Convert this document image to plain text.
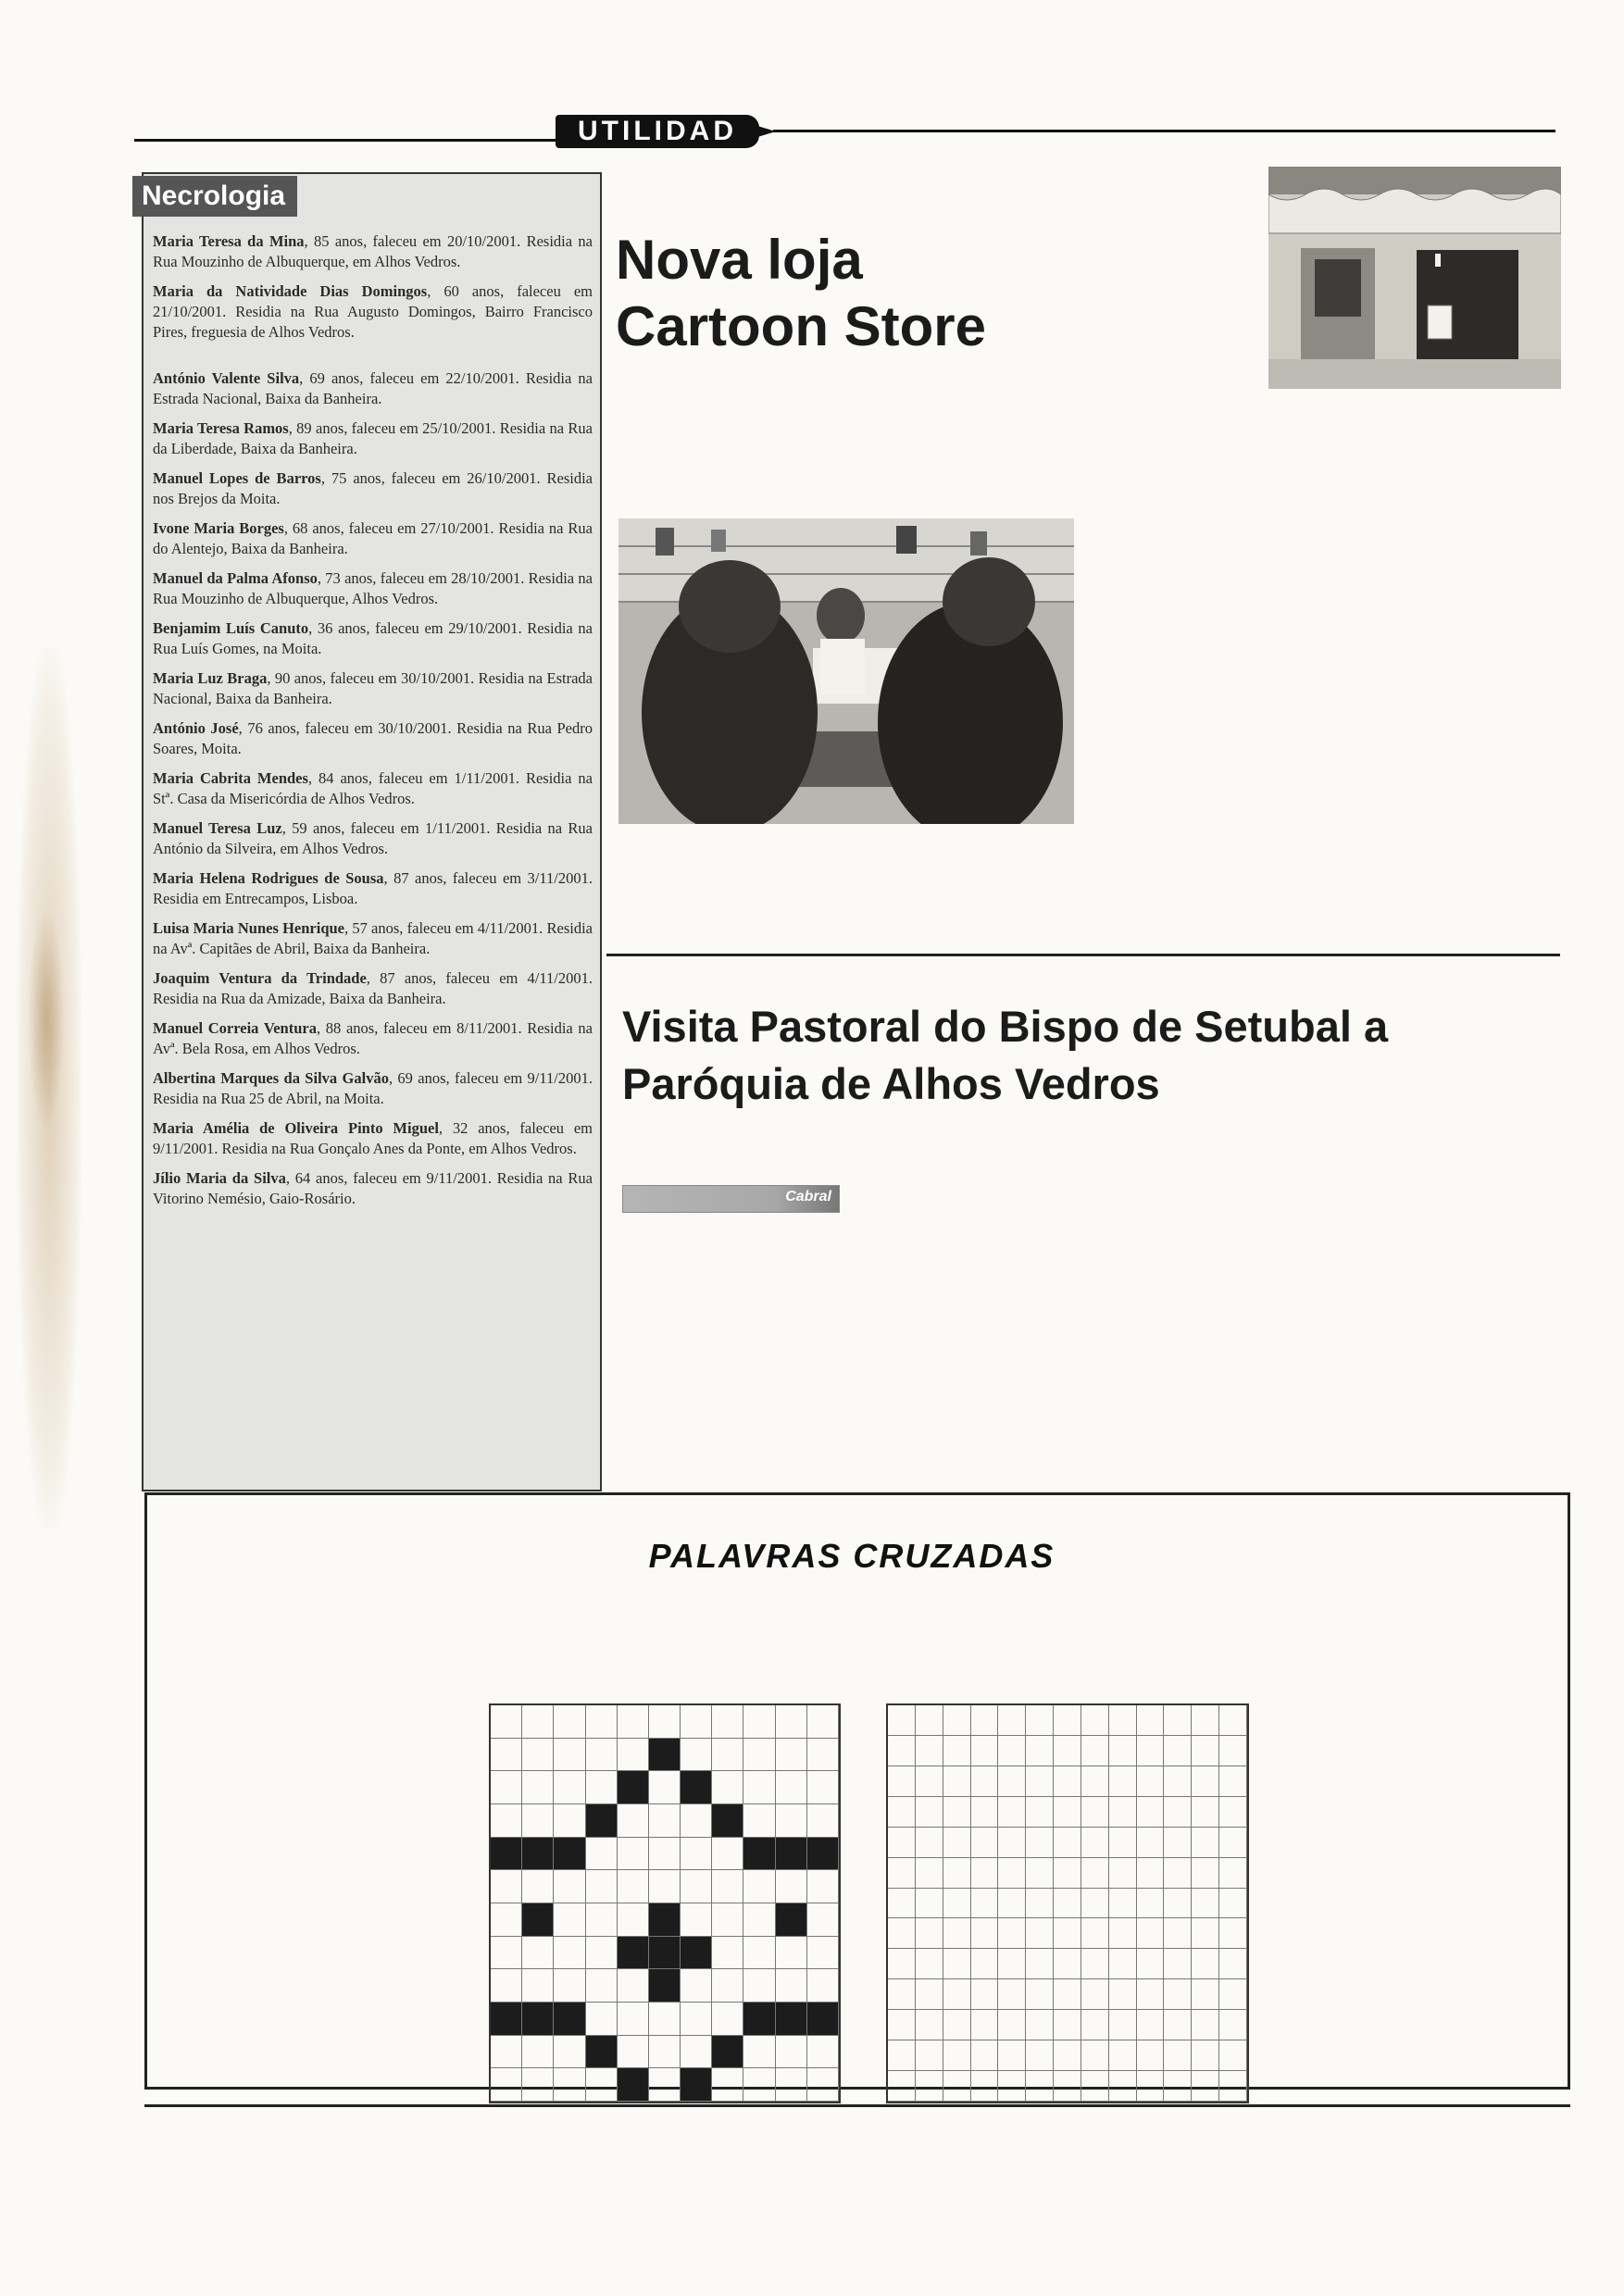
UTILIDAD
Necrologia

Maria Teresa da Mina, 85 anos, faleceu em 20/10/2001. Residia na Rua Mouzinho de Albuquerque, em Alhos Vedros.

Maria da Natividade Dias Domingos, 60 anos, faleceu em 21/10/2001. Residia na Rua Augusto Domingos, Bairro Francisco Pires, freguesia de Alhos Vedros.

António Valente Silva, 69 anos, faleceu em 22/10/2001. Residia na Estrada Nacional, Baixa da Banheira.

Maria Teresa Ramos, 89 anos, faleceu em 25/10/2001. Residia na Rua da Liberdade, Baixa da Banheira.

Manuel Lopes de Barros, 75 anos, faleceu em 26/10/2001. Residia nos Brejos da Moita.

Ivone Maria Borges, 68 anos, faleceu em 27/10/2001. Residia na Rua do Alentejo, Baixa da Banheira.

Manuel da Palma Afonso, 73 anos, faleceu em 28/10/2001. Residia na Rua Mouzinho de Albuquerque, Alhos Vedros.

Benjamim Luís Canuto, 36 anos, faleceu em 29/10/2001. Residia na Rua Luís Gomes, na Moita.

Maria Luz Braga, 90 anos, faleceu em 30/10/2001. Residia na Estrada Nacional, Baixa da Banheira.

António José, 76 anos, faleceu em 30/10/2001. Residia na Rua Pedro Soares, Moita.

Maria Cabrita Mendes, 84 anos, faleceu em 1/11/2001. Residia na Stª. Casa da Misericórdia de Alhos Vedros.

Manuel Teresa Luz, 59 anos, faleceu em 1/11/2001. Residia na Rua António da Silveira, em Alhos Vedros.

Maria Helena Rodrigues de Sousa, 87 anos, faleceu em 3/11/2001. Residia em Entrecampos, Lisboa.

Luisa Maria Nunes Henrique, 57 anos, faleceu em 4/11/2001. Residia na Avª. Capitães de Abril, Baixa da Banheira.

Joaquim Ventura da Trindade, 87 anos, faleceu em 4/11/2001. Residia na Rua da Amizade, Baixa da Banheira.

Manuel Correia Ventura, 88 anos, faleceu em 8/11/2001. Residia na Avª. Bela Rosa, em Alhos Vedros.

Albertina Marques da Silva Galvão, 69 anos, faleceu em 9/11/2001. Residia na Rua 25 de Abril, na Moita.

Maria Amélia de Oliveira Pinto Miguel, 32 anos, faleceu em 9/11/2001. Residia na Rua Gonçalo Anes da Ponte, em Alhos Vedros.

Jílio Maria da Silva, 64 anos, faleceu em 9/11/2001. Residia na Rua Vitorino Nemésio, Gaio-Rosário.

Nova loja
Cartoon Store
Visita Pastoral do Bispo de Setubal a
Paróquia de Alhos Vedros
Cabral
PALAVRAS CRUZADAS
